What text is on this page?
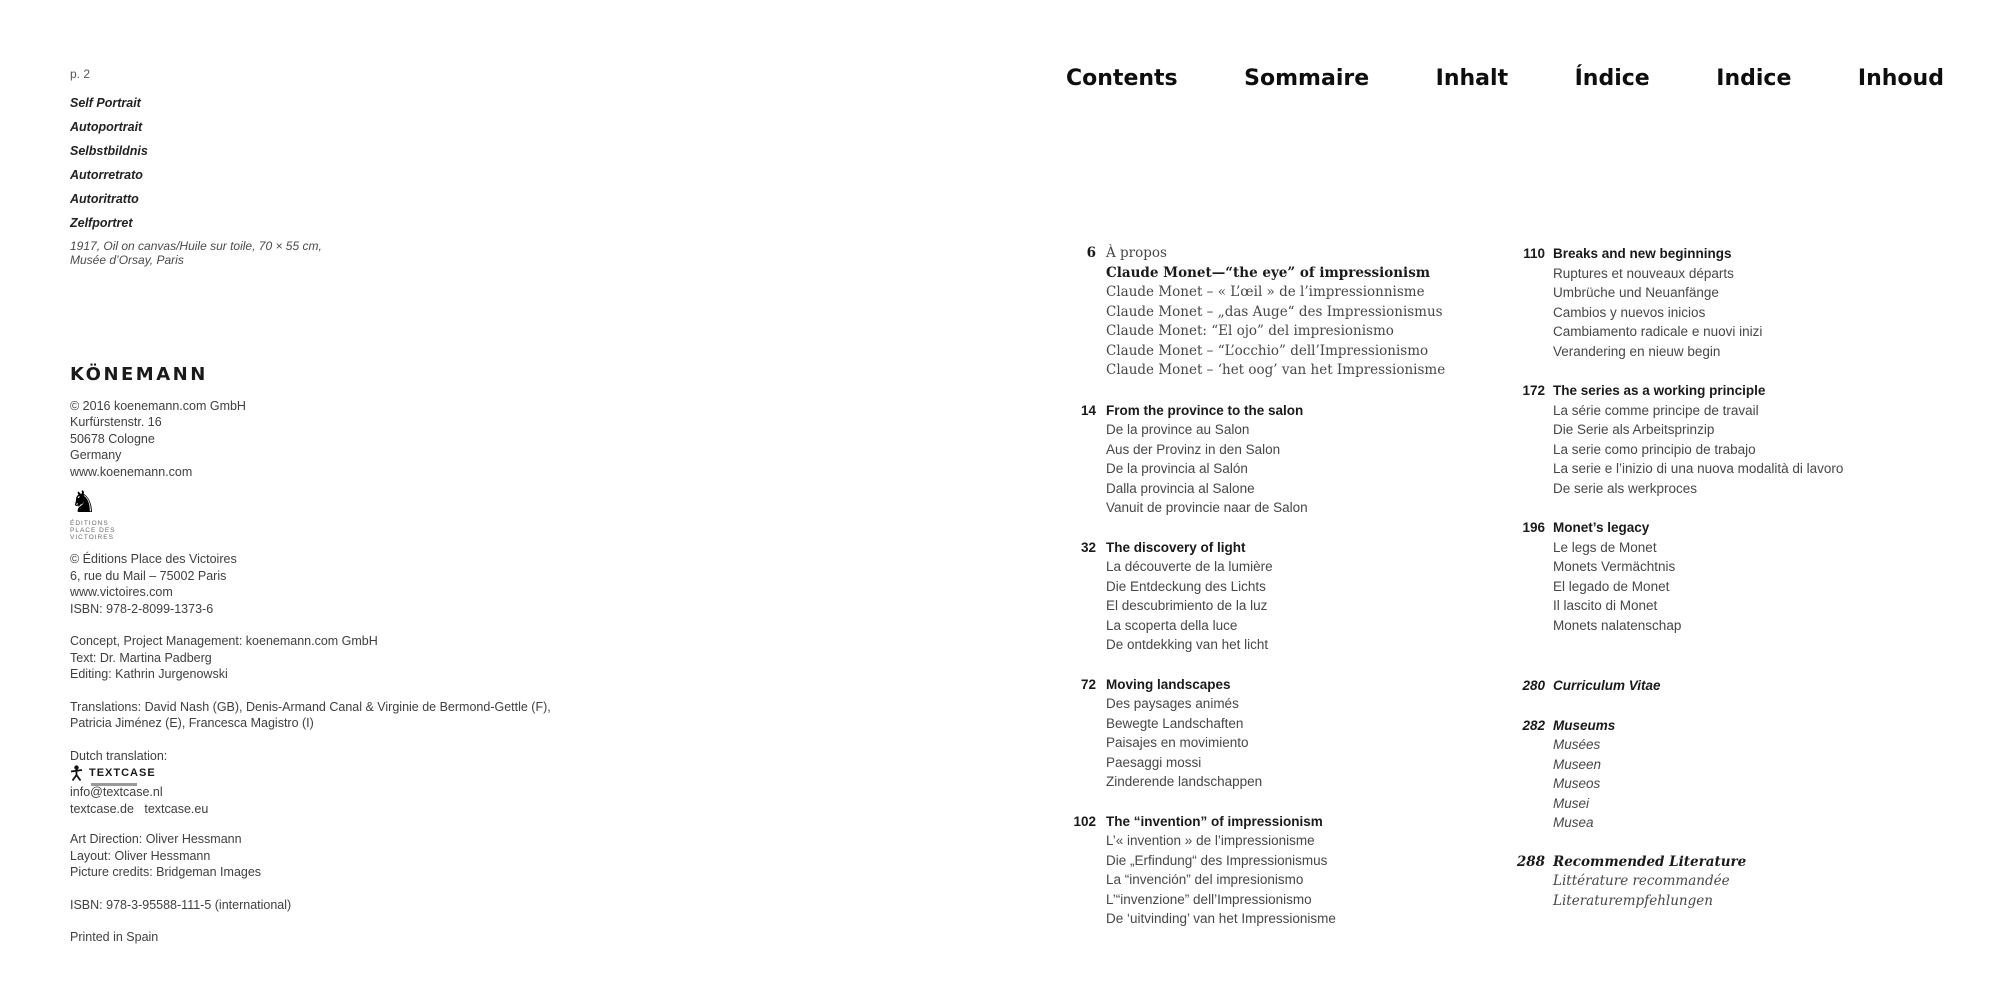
p. 2
Self Portrait
Autoportrait
Selbstbildnis
Autorretrato
Autoritratto
Zelfportret
1917, Oil on canvas/Huile sur toile, 70 × 55 cm,
Musée d’Orsay, Paris
KÖNEMANN
© 2016 koenemann.com GmbH
Kurfürstenstr. 16
50678 Cologne
Germany
www.koenemann.com
♞
ÉDITIONS
PLACE DES
VICTOIRES
© Éditions Place des Victoires
6, rue du Mail – 75002 Paris
www.victoires.com
ISBN: 978-2-8099-1373-6
Concept, Project Management: koenemann.com GmbH
Text: Dr. Martina Padberg
Editing: Kathrin Jurgenowski
Translations: David Nash (GB), Denis-Armand Canal & Virginie de Bermond-Gettle (F),
Patricia Jiménez (E), Francesca Magistro (I)
Dutch translation:
TEXTCASE
info@textcase.nl
textcase.de   textcase.eu
Art Direction: Oliver Hessmann
Layout: Oliver Hessmann
Picture credits: Bridgeman Images
ISBN: 978-3-95588-111-5 (international)
Printed in Spain
Contents	Sommaire	Inhalt	Índice	Indice	Inhoud
6 À propos
Claude Monet—“the eye” of impressionism
Claude Monet – « L’œil » de l’impressionnisme
Claude Monet – „das Auge“ des Impressionismus
Claude Monet: “El ojo” del impresionismo
Claude Monet – “L’occhio” dell’Impressionismo
Claude Monet – ‘het oog’ van het Impressionisme
14 From the province to the salon
De la province au Salon
Aus der Provinz in den Salon
De la provincia al Salón
Dalla provincia al Salone
Vanuit de provincie naar de Salon
32 The discovery of light
La découverte de la lumière
Die Entdeckung des Lichts
El descubrimiento de la luz
La scoperta della luce
De ontdekking van het licht
72 Moving landscapes
Des paysages animés
Bewegte Landschaften
Paisajes en movimiento
Paesaggi mossi
Zinderende landschappen
102 The “invention” of impressionism
L’« invention » de l’impressionisme
Die „Erfindung“ des Impressionismus
La “invención” del impresionismo
L’“invenzione” dell’Impressionismo
De ‘uitvinding’ van het Impressionisme
110 Breaks and new beginnings
Ruptures et nouveaux départs
Umbrüche und Neuanfänge
Cambios y nuevos inicios
Cambiamento radicale e nuovi inizi
Verandering en nieuw begin
172 The series as a working principle
La série comme principe de travail
Die Serie als Arbeitsprinzip
La serie como principio de trabajo
La serie e l’inizio di una nuova modalità di lavoro
De serie als werkproces
196 Monet’s legacy
Le legs de Monet
Monets Vermächtnis
El legado de Monet
Il lascito di Monet
Monets nalatenschap
280 Curriculum Vitae
282 Museums
Musées
Museen
Museos
Musei
Musea
288 Recommended Literature
Littérature recommandée
Literaturempfehlungen
